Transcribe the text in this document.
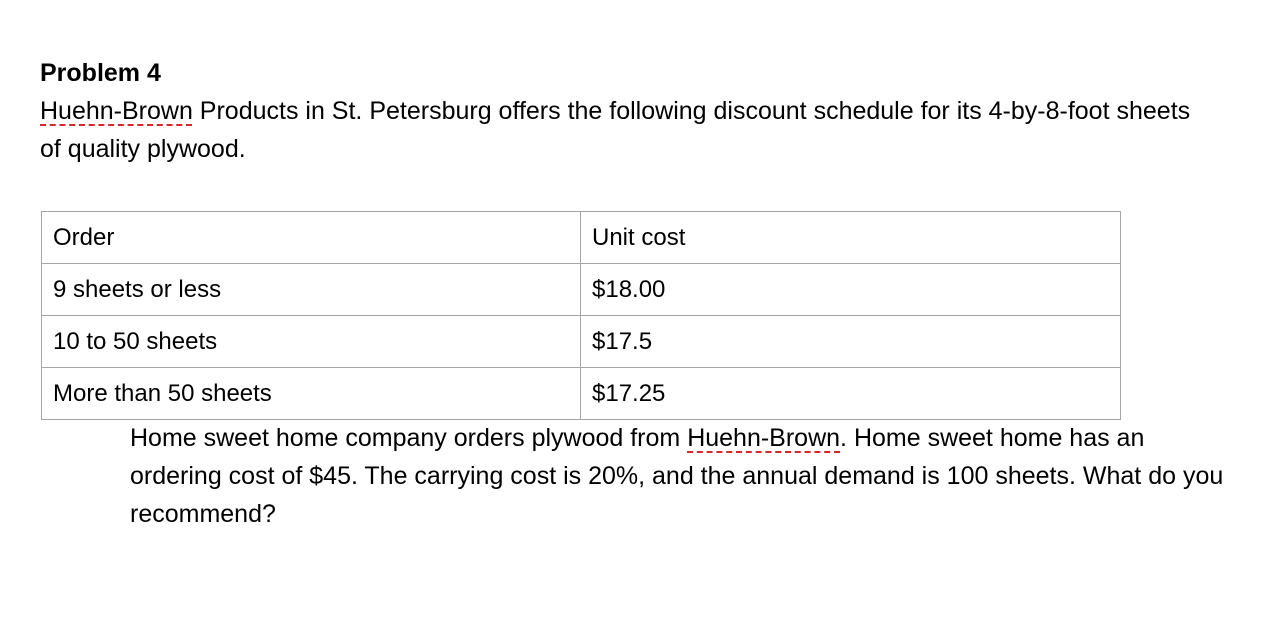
Problem 4
Huehn-Brown Products in St. Petersburg offers the following discount schedule for its 4-by-8-foot sheets of quality plywood.
Order	Unit cost
9 sheets or less	$18.00
10 to 50 sheets	$17.5
More than 50 sheets	$17.25
Home sweet home company orders plywood from Huehn-Brown. Home sweet home has an ordering cost of $45. The carrying cost is 20%, and the annual demand is 100 sheets. What do you recommend?
